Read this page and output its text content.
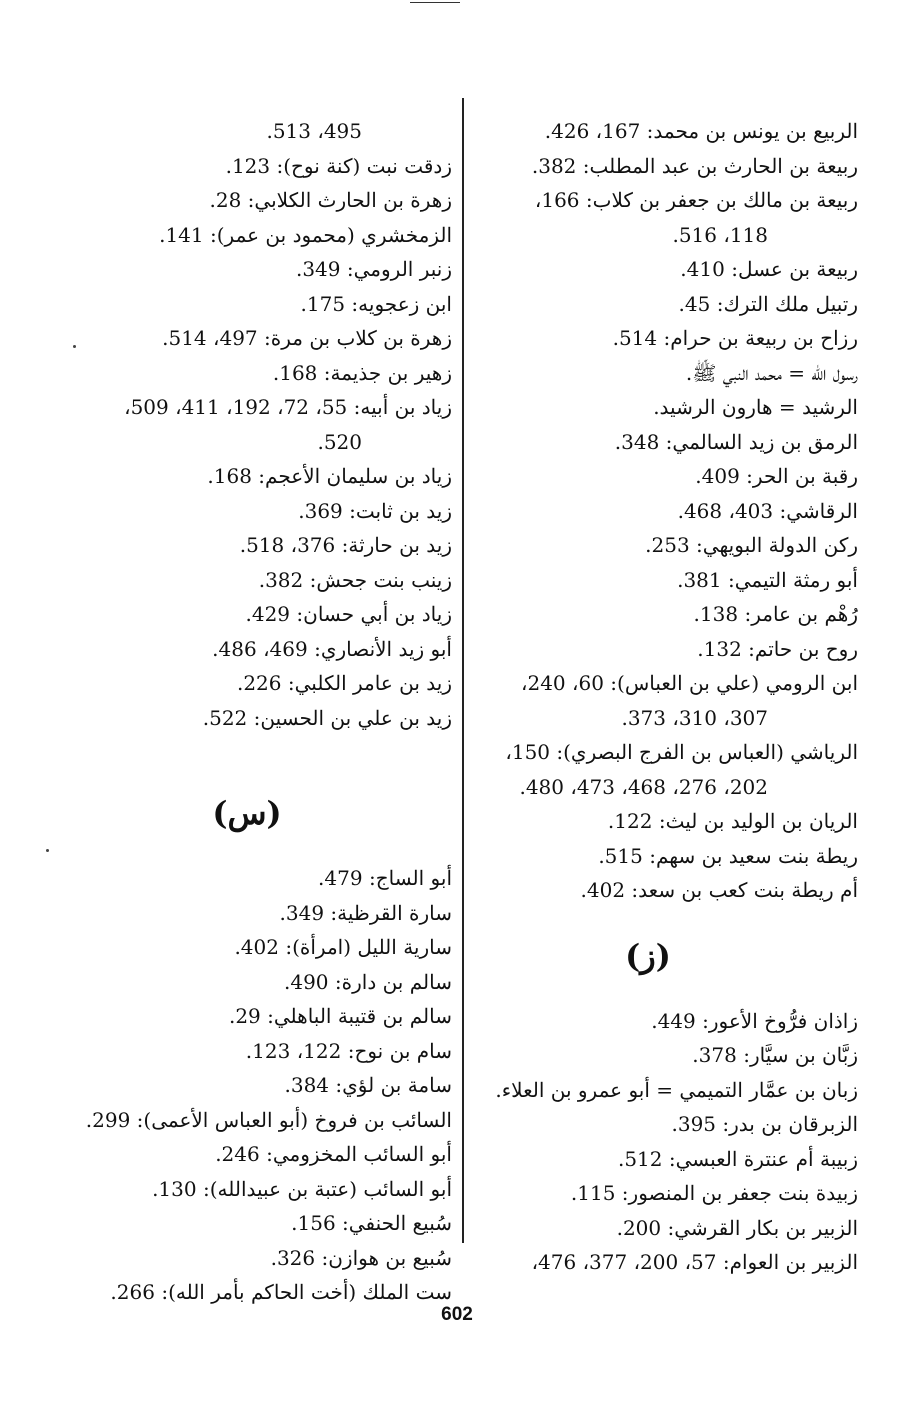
الربيع بن يونس بن محمد: 167، 426.
ربيعة بن الحارث بن عبد المطلب: 382.
ربيعة بن مالك بن جعفر بن كلاب: 166،
118، 516.
ربيعة بن عسل: 410.
رتبيل ملك الترك: 45.
رزاح بن ربيعة بن حرام: 514.
رسول الله = محمد النبي ﷺ.
الرشيد = هارون الرشيد.
الرمق بن زيد السالمي: 348.
رقبة بن الحر: 409.
الرقاشي: 403، 468.
ركن الدولة البويهي: 253.
أبو رمثة التيمي: 381.
رُهْم بن عامر: 138.
روح بن حاتم: 132.
ابن الرومي (علي بن العباس): 60، 240،
307، 310، 373.
الرياشي (العباس بن الفرج البصري): 150،
202، 276، 468، 473، 480.
الريان بن الوليد بن ليث: 122.
ريطة بنت سعيد بن سهم: 515.
أم ريطة بنت كعب بن سعد: 402.
(ز)
زاذان فرُّوخ الأعور: 449.
زبَّان بن سيَّار: 378.
زبان بن عمَّار التميمي = أبو عمرو بن العلاء.
الزبرقان بن بدر: 395.
زبيبة أم عنترة العبسي: 512.
زبيدة بنت جعفر بن المنصور: 115.
الزبير بن بكار القرشي: 200.
الزبير بن العوام: 57، 200، 377، 476،
495، 513.
زدقت نبت (كنة نوح): 123.
زهرة بن الحارث الكلابي: 28.
الزمخشري (محمود بن عمر): 141.
زنبر الرومي: 349.
ابن زعجويه: 175.
زهرة بن كلاب بن مرة: 497، 514.
زهير بن جذيمة: 168.
زياد بن أبيه: 55، 72، 192، 411، 509،
520.
زياد بن سليمان الأعجم: 168.
زيد بن ثابت: 369.
زيد بن حارثة: 376، 518.
زينب بنت جحش: 382.
زياد بن أبي حسان: 429.
أبو زيد الأنصاري: 469، 486.
زيد بن عامر الكلبي: 226.
زيد بن علي بن الحسين: 522.
(س)
أبو الساج: 479.
سارة القرظية: 349.
سارية الليل (امرأة): 402.
سالم بن دارة: 490.
سالم بن قتيبة الباهلي: 29.
سام بن نوح: 122، 123.
سامة بن لؤي: 384.
السائب بن فروخ (أبو العباس الأعمى): 299.
أبو السائب المخزومي: 246.
أبو السائب (عتبة بن عبيدالله): 130.
سُبيع الحنفي: 156.
سُبيع بن هوازن: 326.
ست الملك (أخت الحاكم بأمر الله): 266.
602
